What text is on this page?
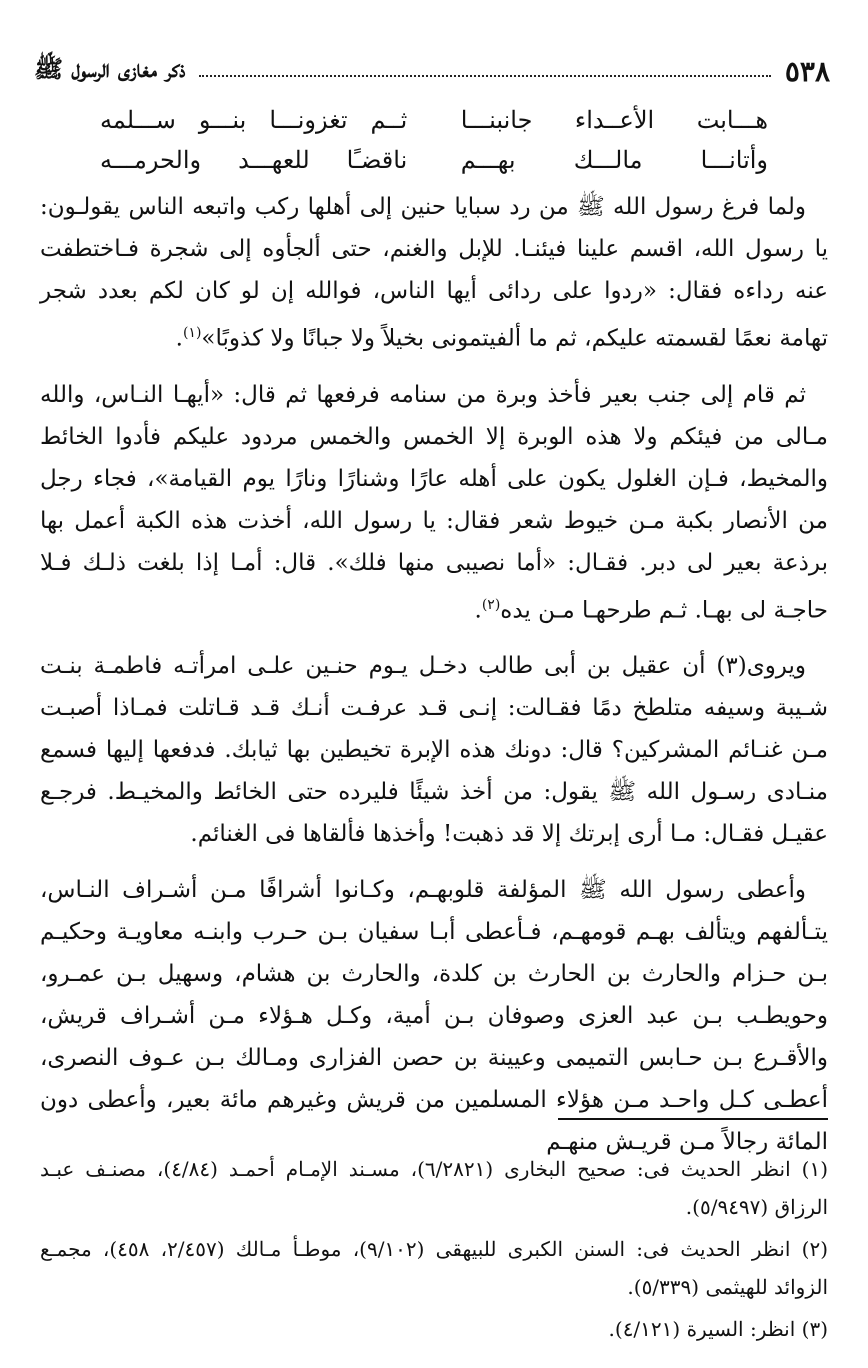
٥٣٨
ذكر مغازى الرسول ﷺ
هـــابت الأعــداء جانبنـــا
ثــم تغزونـــا بنـــو ســـلمه
وأتانـــا مالـــك بهـــم
ناقضـًا للعهـــد والحرمـــه

ولما فرغ رسول الله ﷺ من رد سبايا حنين إلى أهلها ركب واتبعه الناس يقولـون: يا رسول الله، اقسم علينا فيئنـا. للإبل والغنم، حتى ألجأوه إلى شجرة فـاختطفت عنه رداءه فقال: «ردوا على ردائى أيها الناس، فوالله إن لو كان لكم بعدد شجر تهامة نعمًا لقسمته عليكم، ثم ما ألفيتمونى بخيلاً ولا جبانًا ولا كذوبًا»$^{(١)}$.

ثم قام إلى جنب بعير فأخذ وبرة من سنامه فرفعها ثم قال: «أيهـا النـاس، والله مـالى من فيئكم ولا هذه الوبرة إلا الخمس والخمس مردود عليكم فأدوا الخائط والمخيط، فـإن الغلول يكون على أهله عارًا وشنارًا ونارًا يوم القيامة»، فجاء رجل من الأنصار بكبة مـن خيوط شعر فقال: يا رسول الله، أخذت هذه الكبة أعمل بها برذعة بعير لى دبر. فقـال: «أما نصيبى منها فلك». قال: أمـا إذا بلغت ذلـك فـلا حاجـة لى بهـا. ثـم طرحهـا مـن يده$^{(٢)}$.

ويروى(٣) أن عقيل بن أبى طالب دخـل يـوم حنـين علـى امرأتـه فاطمـة بنـت شـيبة وسيفه متلطخ دمًا فقـالت: إنـى قـد عرفـت أنـك قـد قـاتلت فمـاذا أصبـت مـن غنـائم المشركين؟ قال: دونك هذه الإبرة تخيطين بها ثيابك. فدفعها إليها فسمع منـادى رسـول الله ﷺ يقول: من أخذ شيئًا فليرده حتى الخائط والمخيـط. فرجـع عقيـل فقـال: مـا أرى إبرتك إلا قد ذهبت! وأخذها فألقاها فى الغنائم.

وأعطى رسول الله ﷺ المؤلفة قلوبهـم، وكـانوا أشرافًا مـن أشـراف النـاس، يتـألفهم ويتألف بهـم قومهـم، فـأعطى أبـا سفيان بـن حـرب وابنـه معاويـة وحكيـم بـن حـزام والحارث بن الحارث بن كلدة، والحارث بن هشام، وسهيل بـن عمـرو، وحويطـب بـن عبد العزى وصوفان بـن أمية، وكـل هـؤلاء مـن أشـراف قريش، والأقـرع بـن حـابس التميمى وعيينة بن حصن الفزارى ومـالك بـن عـوف النصرى، أعطـى كـل واحـد مـن هؤلاء المسلمين من قريش وغيرهم مائة بعير، وأعطى دون المائة رجالاً مـن قريـش منهـم

(١) انظر الحديث فى: صحيح البخارى (٦/٢٨٢١)، مسـند الإمـام أحمـد (٤/٨٤)، مصنـف عبـد الرزاق (٥/٩٤٩٧).

(٢) انظر الحديث فى: السنن الكبرى للبيهقى (٩/١٠٢)، موطـأ مـالك (٢/٤٥٧، ٤٥٨)، مجمـع الزوائد للهيثمى (٥/٣٣٩).

(٣) انظر: السيرة (٤/١٢١).
